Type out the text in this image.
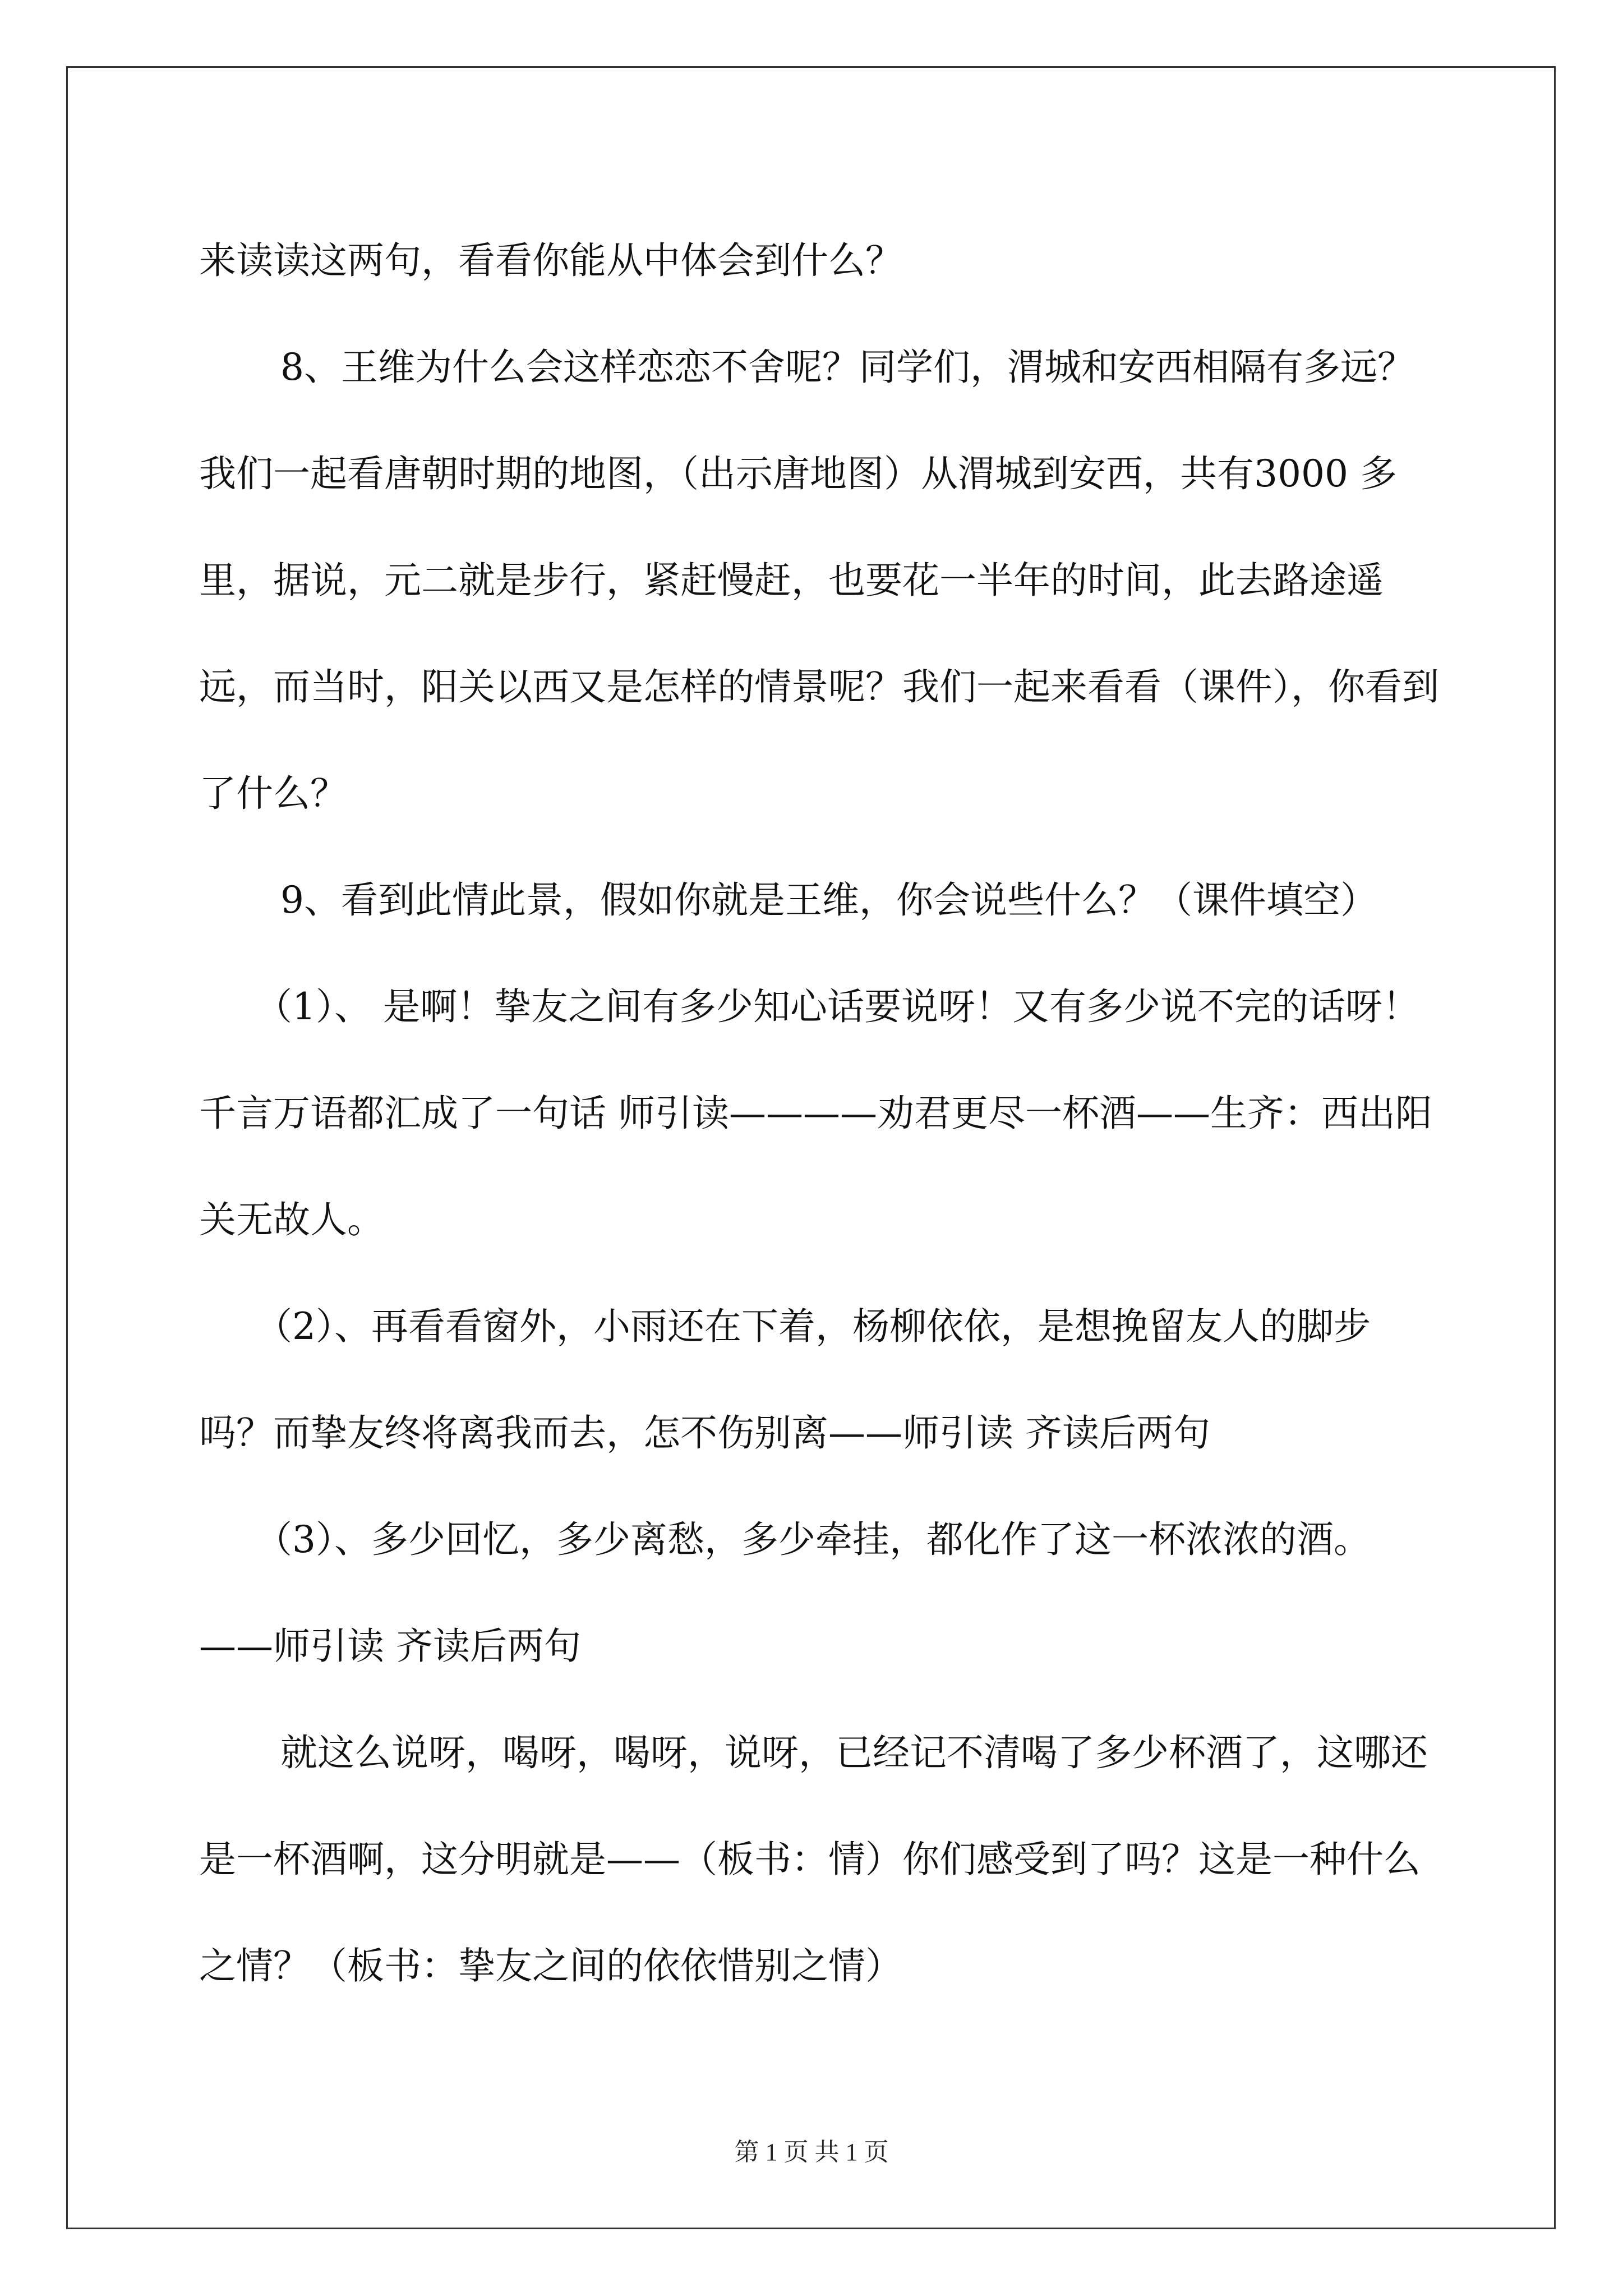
来读读这两句，看看你能从中体会到什么？

8、王维为什么会这样恋恋不舍呢？同学们，渭城和安西相隔有多远？我们一起看唐朝时期的地图，（出示唐地图）从渭城到安西，共有3000 多里，据说，元二就是步行，紧赶慢赶，也要花一半年的时间，此去路途遥远，而当时，阳关以西又是怎样的情景呢？我们一起来看看（课件），你看到了什么？

9、看到此情此景，假如你就是王维，你会说些什么？（课件填空）

（1）、 是啊！挚友之间有多少知心话要说呀！又有多少说不完的话呀！千言万语都汇成了一句话 师引读————劝君更尽一杯酒——生齐：西出阳关无故人。

（2）、再看看窗外，小雨还在下着，杨柳依依，是想挽留友人的脚步吗？而挚友终将离我而去，怎不伤别离——师引读 齐读后两句

（3）、多少回忆，多少离愁，多少牵挂，都化作了这一杯浓浓的酒。——师引读 齐读后两句

就这么说呀，喝呀，喝呀，说呀，已经记不清喝了多少杯酒了，这哪还是一杯酒啊，这分明就是——（板书：情）你们感受到了吗？这是一种什么之情？（板书：挚友之间的依依惜别之情）

第 1 页 共 1 页
